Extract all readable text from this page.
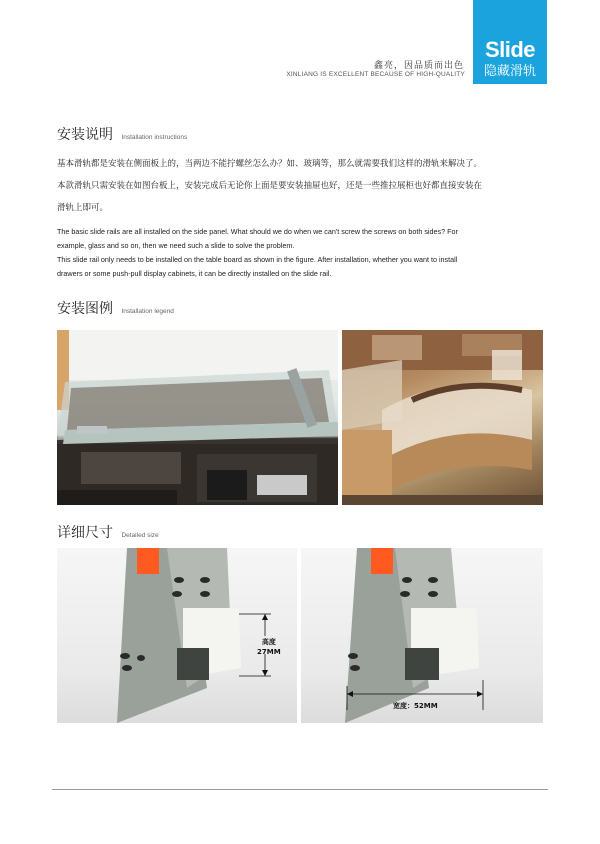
Slide
隐藏滑轨
鑫亮，因品质而出色
XINLIANG IS EXCELLENT BECAUSE OF HIGH-QUALITY
安装说明 Installation instructions
基本滑轨都是安装在侧面板上的，当两边不能拧螺丝怎么办？如、玻璃等，那么就需要我们这样的滑轨来解决了。
本款滑轨只需安装在如图台板上，安装完成后无论你上面是要安装抽屉也好，还是一些推拉展柜也好都直接安装在
滑轨上即可。
The basic slide rails are all installed on the side panel. What should we do when we can't screw the screws on both sides? For
example, glass and so on, then we need such a slide to solve the problem.
This slide rail only needs to be installed on the table board as shown in the figure. After installation, whether you want to install
drawers or some push-pull display cabinets, it can be directly installed on the slide rail.
安装图例 Installation legend
详细尺寸 Detailed size
高度
27MM
宽度：52MM
